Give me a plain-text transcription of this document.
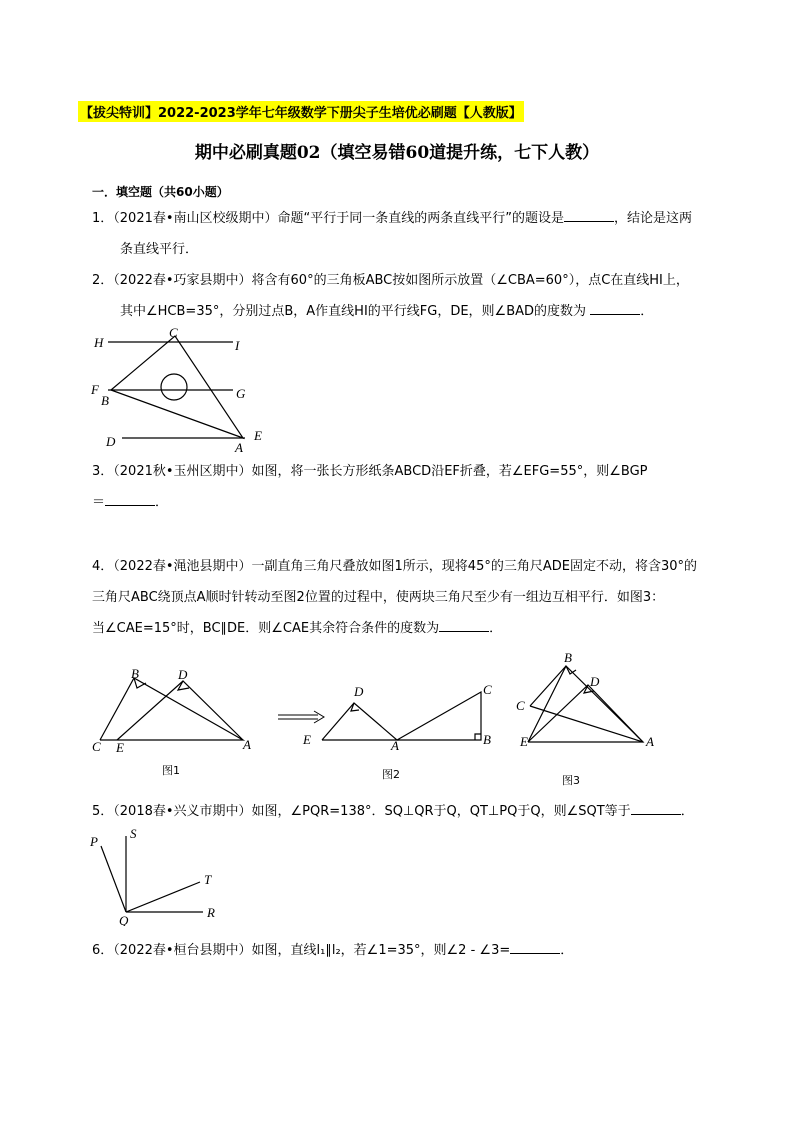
【拔尖特训】2022-2023学年七年级数学下册尖子生培优必刷题【人教版】
期中必刷真题02（填空易错60道提升练，七下人教）
一．填空题（共60小题）
1．（2021春•南山区校级期中）命题“平行于同一条直线的两条直线平行”的题设是	，结论是这两
条直线平行．
2．（2022春•巧家县期中）将含有60°的三角板ABC按如图所示放置（∠CBA=60°），点C在直线HI上，
其中∠HCB=35°，分别过点B，A作直线HI的平行线FG，DE，则∠BAD的度数为	．
H
C
I
F
B	G
D	A
E
3．（2021秋•玉州区期中）如图，将一张长方形纸条ABCD沿EF折叠，若∠EFG=55°，则∠BGP
＝	．
4．（2022春•渑池县期中）一副直角三角尺叠放如图1所示，现将45°的三角尺ADE固定不动，将含30°的
三角尺ABC绕顶点A顺时针转动至图2位置的过程中，使两块三角尺至少有一组边互相平行．如图3：
当∠CAE=15°时，BC∥DE．则∠CAE其余符合条件的度数为	．
B	D
C E	A
图1
D	C
E	A	B
图2
B
D
C
E	A
图3
5．（2018春•兴义市期中）如图，∠PQR=138°．SQ⊥QR于Q，QT⊥PQ于Q，则∠SQT等于	．
P
S
T
Q
R
6．（2022春•桓台县期中）如图，直线l₁∥l₂，若∠1=35°，则∠2 - ∠3=	．
